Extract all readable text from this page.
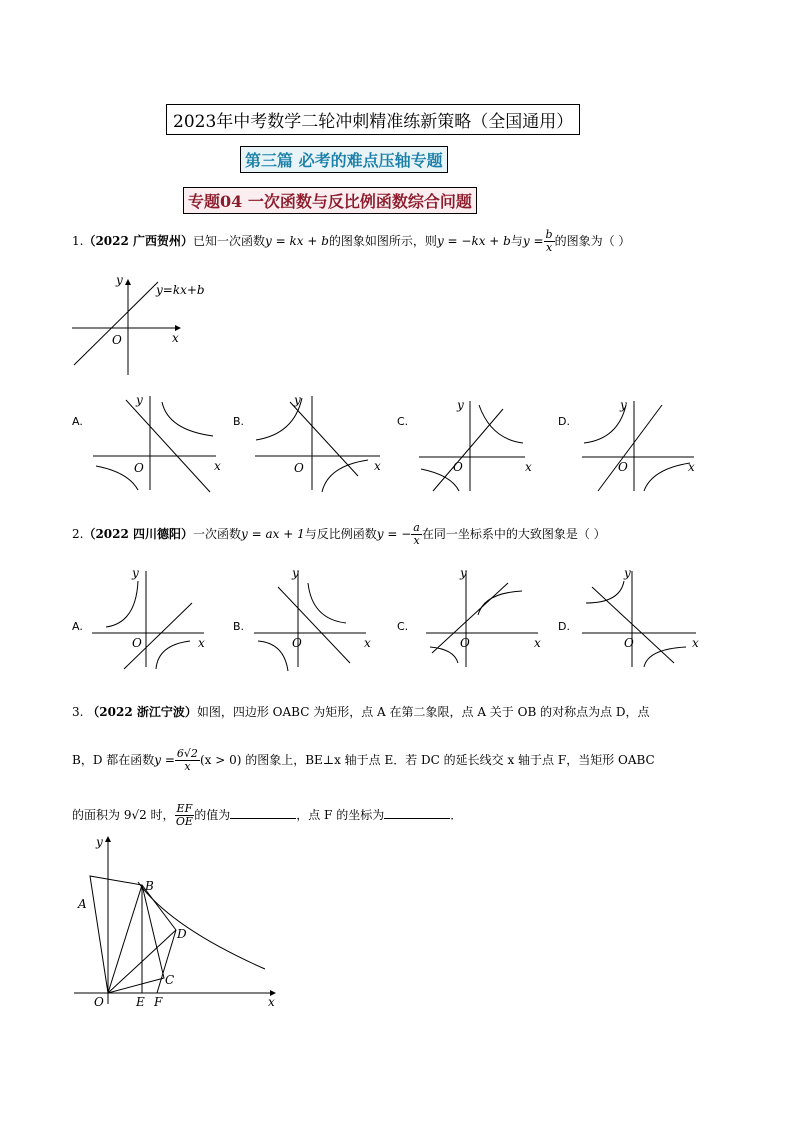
2023年中考数学二轮冲刺精准练新策略（全国通用）
第三篇 必考的难点压轴专题
专题04 一次函数与反比例函数综合问题
1.（2022 广西贺州）已知一次函数y = kx + b的图象如图所示，则y = −kx + b与$y = \frac{b}{x}$ 的图象为（ ）
y
x
O
y=kx+b
A.
y
x
O
B.
y
x
O
C.
y
x
O
D.
y
x
O
2.（2022 四川德阳）一次函数y = ax + 1与反比例函数y = − $\frac{a}{x}$ 在同一坐标系中的大致图象是（ ）
A.
y
x
O
B.
y
x
O
C.
y
x
O
D.
y
x
O
3. （2022 浙江宁波）如图，四边形 OABC 为矩形，点 A 在第二象限，点 A 关于 OB 的对称点为点 D，点
B，D 都在函数$y = \frac{6√2}{x} (x > 0)$ 的图象上，BE⊥x 轴于点 E．若 DC 的延长线交 x 轴于点 F，当矩形 OABC
的面积为 9√2 时， $\frac{EF}{OE}$ 的值为	，点 F 的坐标为	．
A
B
D
C
O	E F	x
y
